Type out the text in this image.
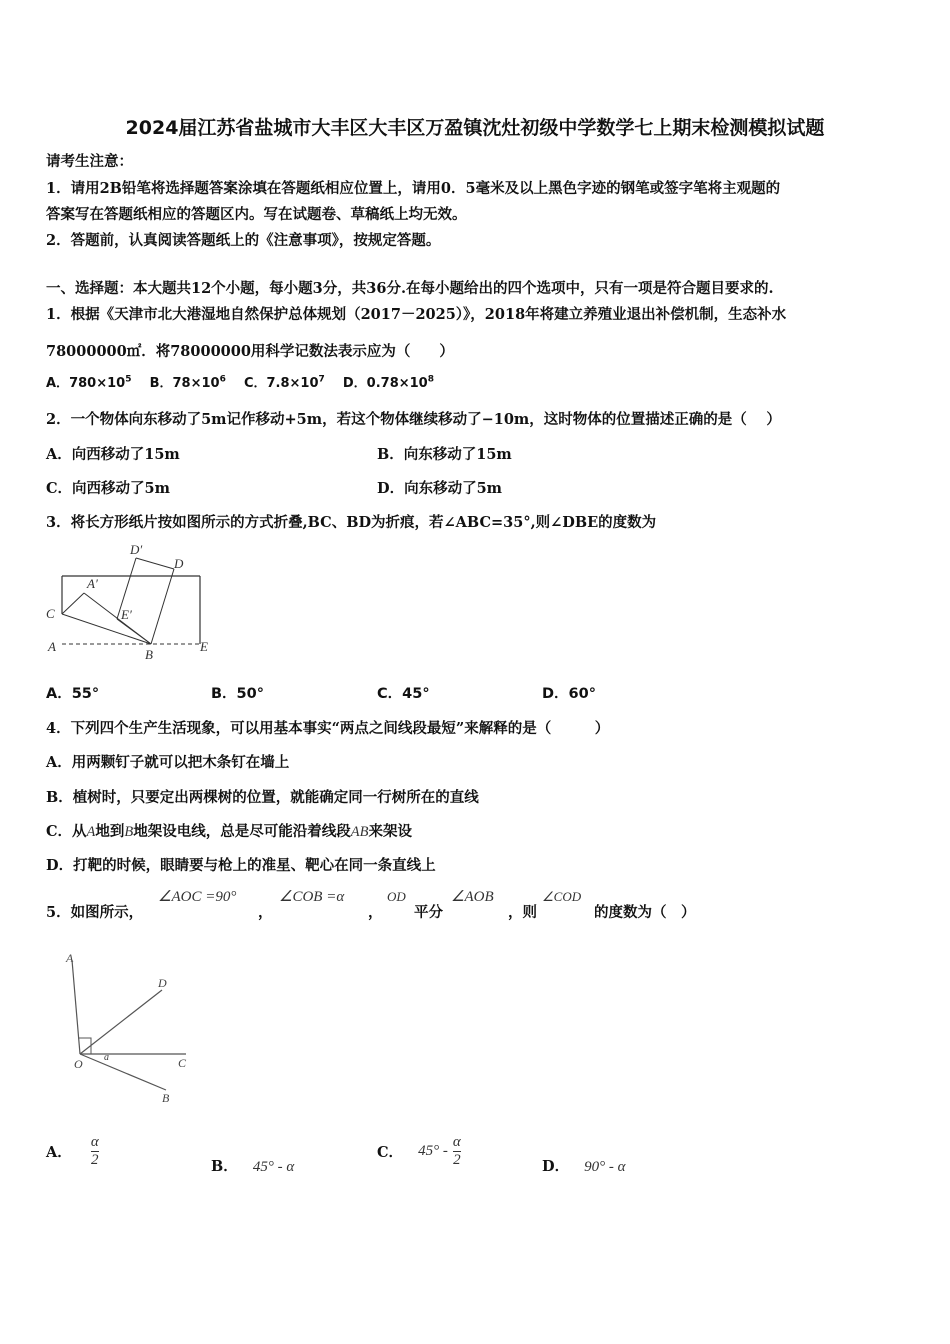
2024届江苏省盐城市大丰区大丰区万盈镇沈灶初级中学数学七上期末检测模拟试题
请考生注意：
1．请用2B铅笔将选择题答案涂填在答题纸相应位置上，请用0．5毫米及以上黑色字迹的钢笔或签字笔将主观题的
答案写在答题纸相应的答题区内。写在试题卷、草稿纸上均无效。
2．答题前，认真阅读答题纸上的《注意事项》，按规定答题。
一、选择题：本大题共12个小题，每小题3分，共36分.在每小题给出的四个选项中，只有一项是符合题目要求的.
1．根据《天津市北大港湿地自然保护总体规划（2017－2025）》，2018年将建立养殖业退出补偿机制，生态补水
78000000㎡．将78000000用科学记数法表示应为（　　）
A．$780\times 10^5$ B．$78\times 10^6$ C．$7.8\times 10^7$ D．$0.78\times 10^8$
2．一个物体向东移动了5m记作移动+5m，若这个物体继续移动了−10m，这时物体的位置描述正确的是（　 ）
A．向西移动了15m	B．向东移动了15m
C．向西移动了5m	D．向东移动了5m
3．将长方形纸片按如图所示的方式折叠,BC、BD为折痕，若∠ABC=35°,则∠DBE的度数为
D′
D
A′
C	E′
A
B
E
A．55°	B．50°	C．45°	D．60°
4．下列四个生产生活现象，可以用基本事实“两点之间线段最短”来解释的是（　　　）
A．用两颗钉子就可以把木条钉在墙上
B．植树时，只要定出两棵树的位置，就能确定同一行树所在的直线
C．从A地到B地架设电线，总是尽可能沿着线段AB来架设
D．打靶的时候，眼睛要与枪上的准星、靶心在同一条直线上
5．如图所示，
∠AOC =90°
，
∠COB =α
，
OD
平分
∠AOB
，则
∠COD
的度数为（　）
A
D
O a	C
B
A． $\frac{\alpha}{2}$	B． 45° - α
C． $45^\circ - \frac{\alpha}{2}$	D． 90° - α
